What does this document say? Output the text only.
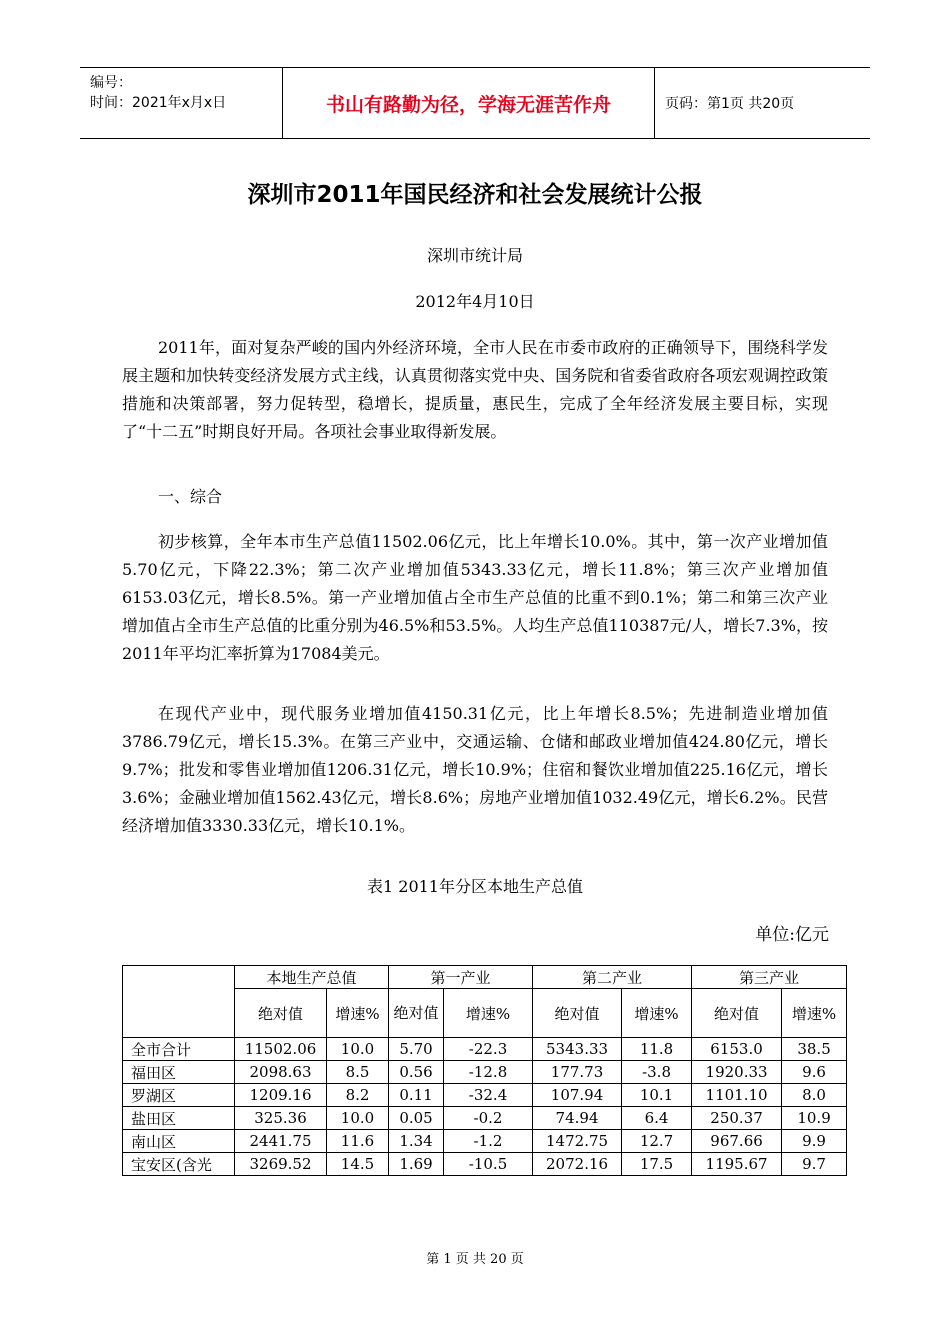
编号：
时间：2021年x月x日	书山有路勤为径，学海无涯苦作舟	页码：第1页 共20页
深圳市2011年国民经济和社会发展统计公报
深圳市统计局
2012年4月10日

2011年，面对复杂严峻的国内外经济环境，全市人民在市委市政府的正确领导下，围绕科学发展主题和加快转变经济发展方式主线，认真贯彻落实党中央、国务院和省委省政府各项宏观调控政策措施和决策部署，努力促转型，稳增长，提质量，惠民生，完成了全年经济发展主要目标，实现了“十二五”时期良好开局。各项社会事业取得新发展。

一、综合

初步核算，全年本市生产总值11502.06亿元，比上年增长10.0%。其中，第一次产业增加值5.70亿元，下降22.3%；第二次产业增加值5343.33亿元，增长11.8%；第三次产业增加值6153.03亿元，增长8.5%。第一产业增加值占全市生产总值的比重不到0.1%；第二和第三次产业增加值占全市生产总值的比重分别为46.5%和53.5%。人均生产总值110387元/人，增长7.3%，按2011年平均汇率折算为17084美元。

在现代产业中，现代服务业增加值4150.31亿元，比上年增长8.5%；先进制造业增加值3786.79亿元，增长15.3%。在第三产业中，交通运输、仓储和邮政业增加值424.80亿元，增长9.7%；批发和零售业增加值1206.31亿元，增长10.9%；住宿和餐饮业增加值225.16亿元，增长3.6%；金融业增加值1562.43亿元，增长8.6%；房地产业增加值1032.49亿元，增长6.2%。民营经济增加值3330.33亿元，增长10.1%。

表1 2011年分区本地生产总值
单位:亿元
	本地生产总值		第一产业		第二产业		第三产业	
	绝对值	增速%	绝对值	增速%	绝对值	增速%	绝对值	增速%
全市合计	11502.06	10.0	5.70	-22.3	5343.33	11.8	6153.0	38.5
福田区	2098.63	8.5	0.56	-12.8	177.73	-3.8	1920.33	9.6
罗湖区	1209.16	8.2	0.11	-32.4	107.94	10.1	1101.10	8.0
盐田区	325.36	10.0	0.05	-0.2	74.94	6.4	250.37	10.9
南山区	2441.75	11.6	1.34	-1.2	1472.75	12.7	967.66	9.9
宝安区(含光	3269.52	14.5	1.69	-10.5	2072.16	17.5	1195.67	9.7
第 1 页 共 20 页
